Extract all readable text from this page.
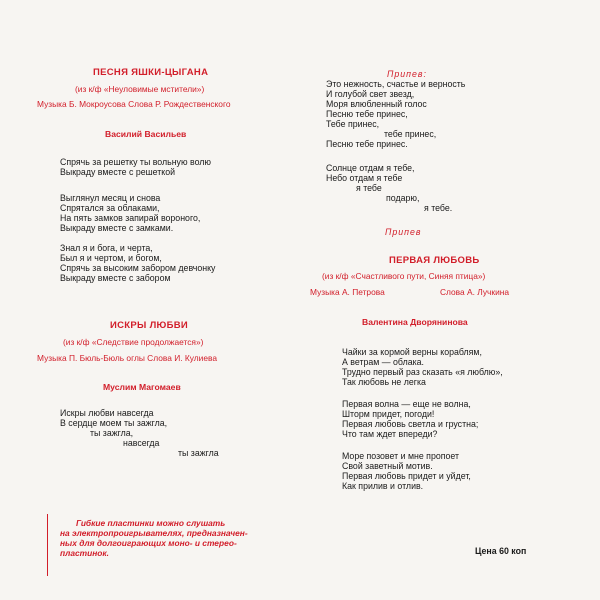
ПЕСНЯ ЯШКИ-ЦЫГАНА
(из к/ф «Неуловимые мстители»)
Музыка Б. Мокроусова Слова Р. Рождественского
Василий Васильев
Спрячь за решетку ты вольную волю
Выкраду вместе с решеткой
Выглянул месяц и снова
Спрятался за облаками,
На пять замков запирай вороного,
Выкраду вместе с замками.
Знал я и бога, и черта,
Был я и чертом, и богом,
Спрячь за высоким забором девчонку
Выкраду вместе с забором
ИСКРЫ ЛЮБВИ
(из к/ф «Следствие продолжается»)
Музыка П. Бюль-Бюль оглы Слова И. Кулиева
Муслим Магомаев
Искры любви навсегда
В сердце моем ты зажгла,
ты зажгла,
навсегда
ты зажгла
Гибкие пластинки можно слушать
на электропроигрывателях, предназначен-
ных для долгоиграющих моно- и стерео-
пластинок.
Припев:
Это нежность, счастье и верность
И голубой свет звезд,
Моря влюбленный голос
Песню тебе принес,
Тебе принес,
тебе принес,
Песню тебе принес.
Солнце отдам я тебе,
Небо отдам я тебе
я тебе
подарю,
я тебе.
Припев
ПЕРВАЯ ЛЮБОВЬ
(из к/ф «Счастливого пути, Синяя птица»)
Музыка А. Петрова	Слова А. Лучкина
Валентина Дворянинова
Чайки за кормой верны кораблям,
А ветрам — облака.
Трудно первый раз сказать «я люблю»,
Так любовь не легка
Первая волна — еще не волна,
Шторм придет, погоди!
Первая любовь светла и грустна;
Что там ждет впереди?
Море позовет и мне пропоет
Свой заветный мотив.
Первая любовь придет и уйдет,
Как прилив и отлив.
Цена 60 коп
